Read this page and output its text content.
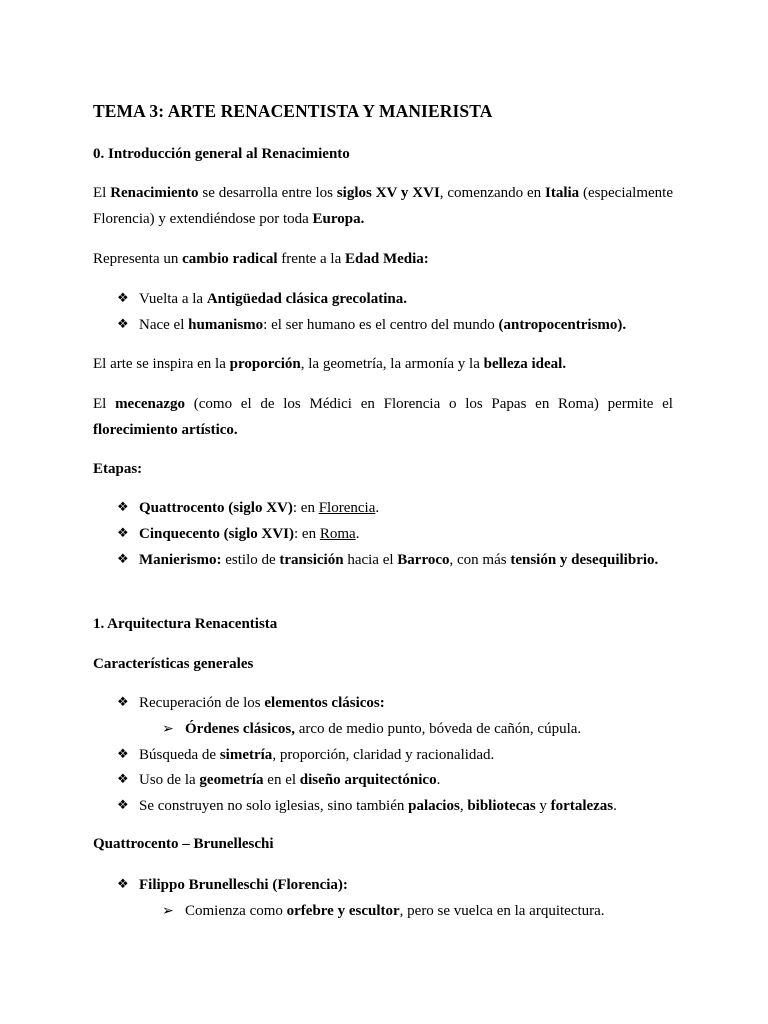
TEMA 3: ARTE RENACENTISTA Y MANIERISTA
0. Introducción general al Renacimiento

El Renacimiento se desarrolla entre los siglos XV y XVI, comenzando en Italia (especialmente Florencia) y extendiéndose por toda Europa.

Representa un cambio radical frente a la Edad Media:

❖ Vuelta a la Antigüedad clásica grecolatina.
❖ Nace el humanismo: el ser humano es el centro del mundo (antropocentrismo).

El arte se inspira en la proporción, la geometría, la armonía y la belleza ideal.

El mecenazgo (como el de los Médici en Florencia o los Papas en Roma) permite el florecimiento artístico.

Etapas:
❖ Quattrocento (siglo XV): en Florencia.
❖ Cinquecento (siglo XVI): en Roma.
❖ Manierismo: estilo de transición hacia el Barroco, con más tensión y desequilibrio.
1. Arquitectura Renacentista
Características generales
❖ Recuperación de los elementos clásicos:
➢ Órdenes clásicos, arco de medio punto, bóveda de cañón, cúpula.
❖ Búsqueda de simetría, proporción, claridad y racionalidad.
❖ Uso de la geometría en el diseño arquitectónico.
❖ Se construyen no solo iglesias, sino también palacios, bibliotecas y fortalezas.
Quattrocento – Brunelleschi
❖ Filippo Brunelleschi (Florencia):
➢ Comienza como orfebre y escultor, pero se vuelca en la arquitectura.
